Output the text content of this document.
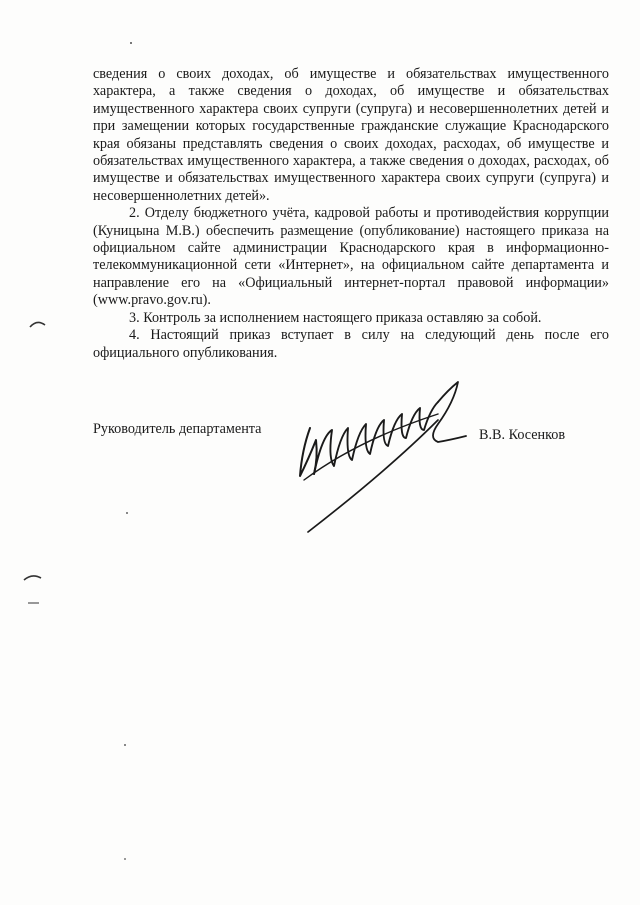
сведения о своих доходах, об имуществе и обязательствах имущественного характера, а также сведения о доходах, об имуществе и обязательствах имущественного характера своих супруги (супруга) и несовершеннолетних детей и при замещении которых государственные гражданские служащие Краснодарского края обязаны представлять сведения о своих доходах, расходах, об имуществе и обязательствах имущественного характера, а также сведения о доходах, расходах, об имуществе и обязательствах имущественного характера своих супруги (супруга) и несовершеннолетних детей».

2. Отделу бюджетного учёта, кадровой работы и противодействия коррупции (Куницына М.В.) обеспечить размещение (опубликование) настоящего приказа на официальном сайте администрации Краснодарского края в информационно-телекоммуникационной сети «Интернет», на официальном сайте департамента и направление его на «Официальный интернет-портал правовой информации» (www.pravo.gov.ru).

3. Контроль за исполнением настоящего приказа оставляю за собой.

4. Настоящий приказ вступает в силу на следующий день после его официального опубликования.

Руководитель департамента	В.В. Косенков
